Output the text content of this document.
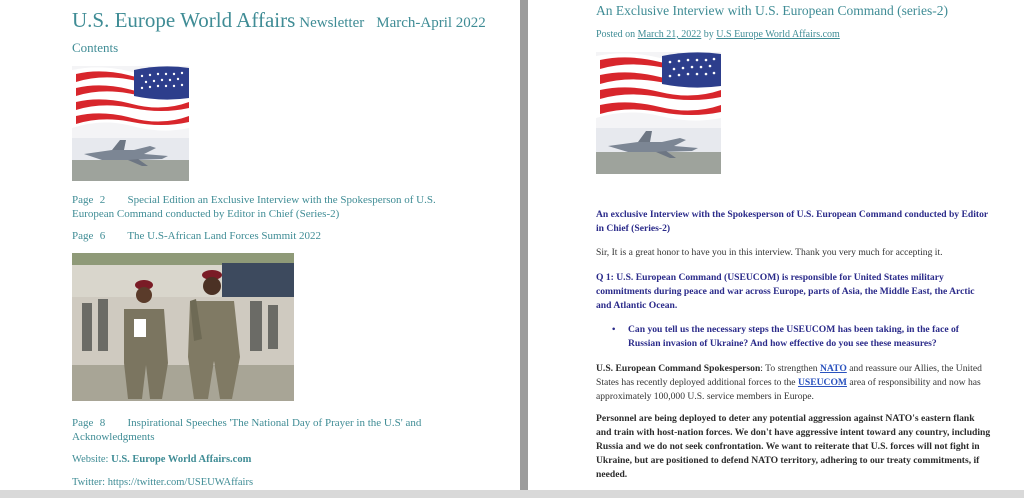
U.S. Europe World Affairs Newsletter March-April 2022
Contents
Page 2 Special Edition an Exclusive Interview with the Spokesperson of U.S. European Command conducted by Editor in Chief (Series-2)
Page 6 The U.S-African Land Forces Summit 2022
Page 8 Inspirational Speeches 'The National Day of Prayer in the U.S' and Acknowledgments
Website: U.S. Europe World Affairs.com
Twitter: https://twitter.com/USEUWAffairs
An Exclusive Interview with U.S. European Command (series-2)
Posted on March 21, 2022 by U.S Europe World Affairs.com
An exclusive Interview with the Spokesperson of U.S. European Command conducted by Editor in Chief (Series-2)
Sir, It is a great honor to have you in this interview. Thank you very much for accepting it.
Q 1: U.S. European Command (USEUCOM) is responsible for United States military commitments during peace and war across Europe, parts of Asia, the Middle East, the Arctic and Atlantic Ocean.
•	Can you tell us the necessary steps the USEUCOM has been taking, in the face of Russian invasion of Ukraine? And how effective do you see these measures?
U.S. European Command Spokesperson: To strengthen NATO and reassure our Allies, the United States has recently deployed additional forces to the USEUCOM area of responsibility and now has approximately 100,000 U.S. service members in Europe.
Personnel are being deployed to deter any potential aggression against NATO's eastern flank and train with host-nation forces. We don't have aggressive intent toward any country, including Russia and we do not seek confrontation. We want to reiterate that U.S. forces will not fight in Ukraine, but are positioned to defend NATO territory, adhering to our treaty commitments, if needed.
